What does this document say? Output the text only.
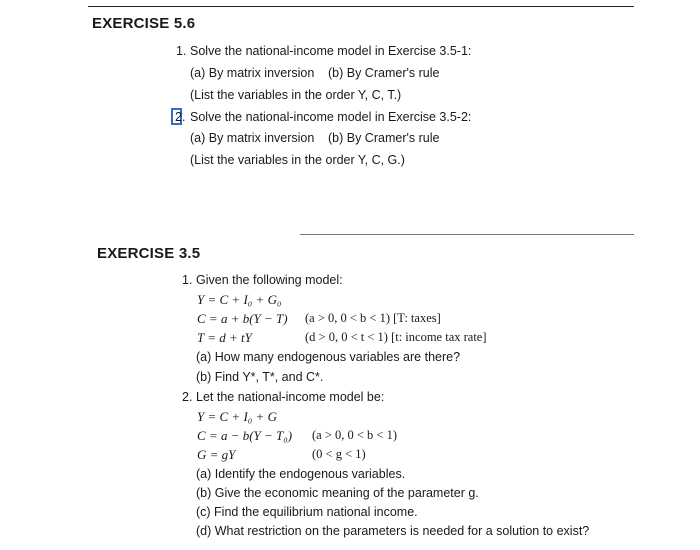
EXERCISE 5.6
1. Solve the national-income model in Exercise 3.5-1:
(a) By matrix inversion (b) By Cramer's rule
(List the variables in the order Y, C, T.)
2. Solve the national-income model in Exercise 3.5-2:
(a) By matrix inversion (b) By Cramer's rule
(List the variables in the order Y, C, G.)
EXERCISE 3.5
1. Given the following model:
Y = C + I₀ + G₀
C = a + b(Y − T) (a > 0, 0 < b < 1) [T: taxes]
T = d + tY	(d > 0, 0 < t < 1) [t: income tax rate]
(a) How many endogenous variables are there?
(b) Find Y*, T*, and C*.
2. Let the national-income model be:
Y = C + I₀ + G
C = a − b(Y − T₀) (a > 0, 0 < b < 1)
G = gY	(0 < g < 1)
(a) Identify the endogenous variables.
(b) Give the economic meaning of the parameter g.
(c) Find the equilibrium national income.
(d) What restriction on the parameters is needed for a solution to exist?
